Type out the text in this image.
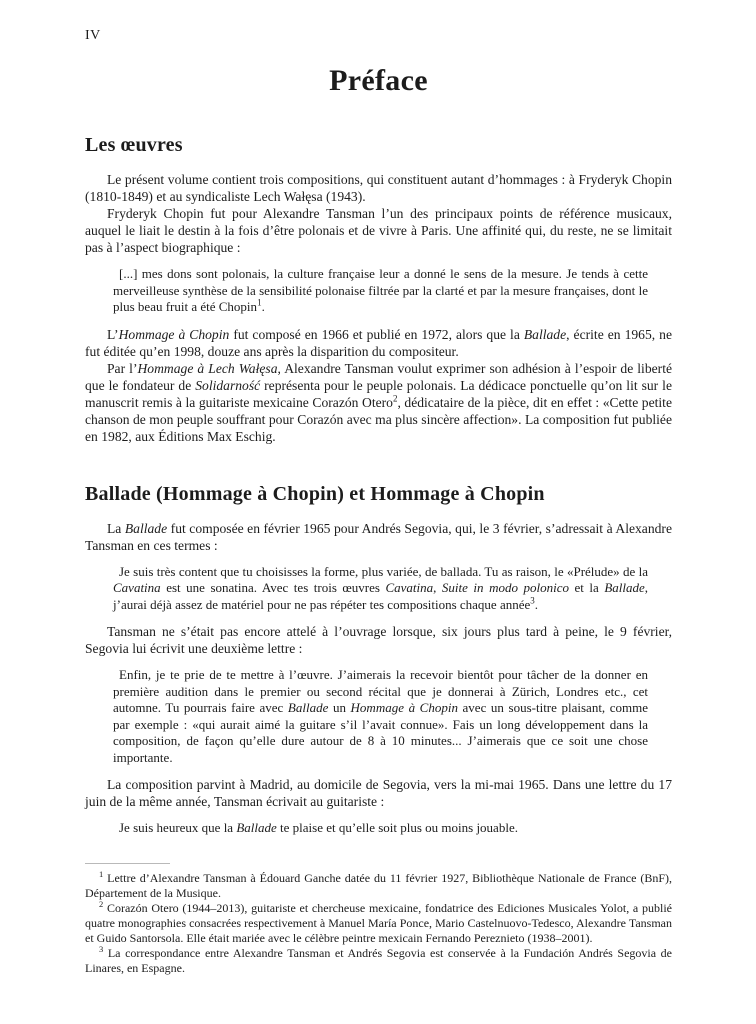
IV
Préface
Les œuvres

Le présent volume contient trois compositions, qui constituent autant d’hommages : à Fryderyk Chopin (1810-1849) et au syndicaliste Lech Wałęsa (1943).

Fryderyk Chopin fut pour Alexandre Tansman l’un des principaux points de référence musicaux, auquel le liait le destin à la fois d’être polonais et de vivre à Paris. Une affinité qui, du reste, ne se limitait pas à l’aspect biographique :

[...] mes dons sont polonais, la culture française leur a donné le sens de la mesure. Je tends à cette merveilleuse synthèse de la sensibilité polonaise filtrée par la clarté et par la mesure françaises, dont le plus beau fruit a été Chopin$^1$.

L’Hommage à Chopin fut composé en 1966 et publié en 1972, alors que la Ballade, écrite en 1965, ne fut éditée qu’en 1998, douze ans après la disparition du compositeur.

Par l’Hommage à Lech Wałęsa, Alexandre Tansman voulut exprimer son adhésion à l’espoir de liberté que le fondateur de Solidarność représenta pour le peuple polonais. La dédicace ponctuelle qu’on lit sur le manuscrit remis à la guitariste mexicaine Corazón Otero$^2$, dédicataire de la pièce, dit en effet : «Cette petite chanson de mon peuple souffrant pour Corazón avec ma plus sincère affection». La composition fut publiée en 1982, aux Éditions Max Eschig.

Ballade (Hommage à Chopin) et Hommage à Chopin

La Ballade fut composée en février 1965 pour Andrés Segovia, qui, le 3 février, s’adressait à Alexandre Tansman en ces termes :

Je suis très content que tu choisisses la forme, plus variée, de ballada. Tu as raison, le «Prélude» de la Cavatina est une sonatina. Avec tes trois œuvres Cavatina, Suite in modo polonico et la Ballade, j’aurai déjà assez de matériel pour ne pas répéter tes compositions chaque année$^3$.

Tansman ne s’était pas encore attelé à l’ouvrage lorsque, six jours plus tard à peine, le 9 février, Segovia lui écrivit une deuxième lettre :

Enfin, je te prie de te mettre à l’œuvre. J’aimerais la recevoir bientôt pour tâcher de la donner en première audition dans le premier ou second récital que je donnerai à Zürich, Londres etc., cet automne. Tu pourrais faire avec Ballade un Hommage à Chopin avec un sous-titre plaisant, comme par exemple : «qui aurait aimé la guitare s’il l’avait connue». Fais un long développement dans la composition, de façon qu’elle dure autour de 8 à 10 minutes... J’aimerais que ce soit une chose importante.

La composition parvint à Madrid, au domicile de Segovia, vers la mi-mai 1965. Dans une lettre du 17 juin de la même année, Tansman écrivait au guitariste :

Je suis heureux que la Ballade te plaise et qu’elle soit plus ou moins jouable.

$^1$ Lettre d’Alexandre Tansman à Édouard Ganche datée du 11 février 1927, Bibliothèque Nationale de France (BnF), Département de la Musique.

$^2$ Corazón Otero (1944–2013), guitariste et chercheuse mexicaine, fondatrice des Ediciones Musicales Yolot, a publié quatre monographies consacrées respectivement à Manuel María Ponce, Mario Castelnuovo-Tedesco, Alexandre Tansman et Guido Santorsola. Elle était mariée avec le célèbre peintre mexicain Fernando Pereznieto (1938–2001).

$^3$ La correspondance entre Alexandre Tansman et Andrés Segovia est conservée à la Fundación Andrés Segovia de Linares, en Espagne.
